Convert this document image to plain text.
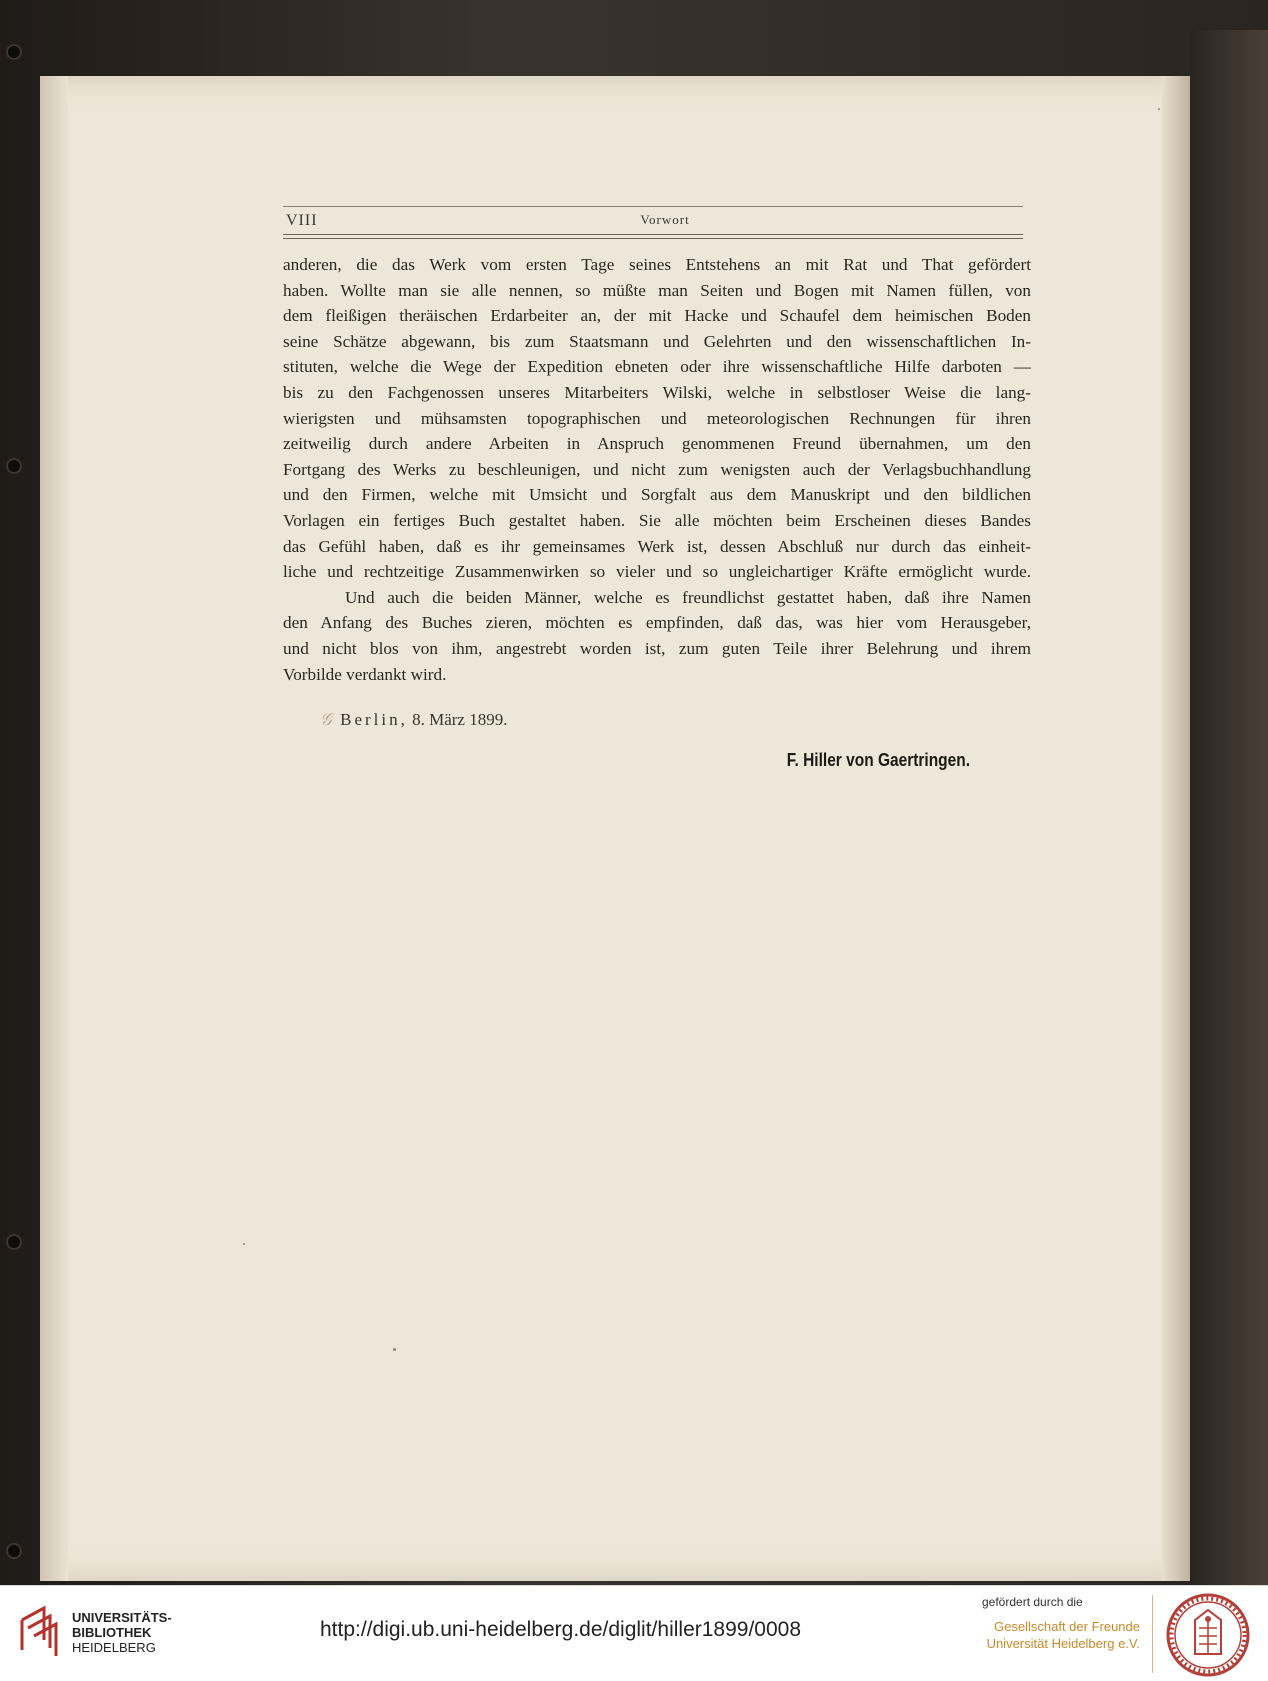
VIII	Vorwort
anderen, die das Werk vom ersten Tage seines Entstehens an mit Rat und That gefördert
haben. Wollte man sie alle nennen, so müßte man Seiten und Bogen mit Namen füllen, von
dem fleißigen theräischen Erdarbeiter an, der mit Hacke und Schaufel dem heimischen Boden
seine Schätze abgewann, bis zum Staatsmann und Gelehrten und den wissenschaftlichen In-
stituten, welche die Wege der Expedition ebneten oder ihre wissenschaftliche Hilfe darboten —
bis zu den Fachgenossen unseres Mitarbeiters Wilski, welche in selbstloser Weise die lang-
wierigsten und mühsamsten topographischen und meteorologischen Rechnungen für ihren
zeitweilig durch andere Arbeiten in Anspruch genommenen Freund übernahmen, um den
Fortgang des Werks zu beschleunigen, und nicht zum wenigsten auch der Verlagsbuchhandlung
und den Firmen, welche mit Umsicht und Sorgfalt aus dem Manuskript und den bildlichen
Vorlagen ein fertiges Buch gestaltet haben. Sie alle möchten beim Erscheinen dieses Bandes
das Gefühl haben, daß es ihr gemeinsames Werk ist, dessen Abschluß nur durch das einheit-
liche und rechtzeitige Zusammenwirken so vieler und so ungleichartiger Kräfte ermöglicht wurde.
Und auch die beiden Männer, welche es freundlichst gestattet haben, daß ihre Namen
den Anfang des Buches zieren, möchten es empfinden, daß das, was hier vom Herausgeber,
und nicht blos von ihm, angestrebt worden ist, zum guten Teile ihrer Belehrung und ihrem
Vorbilde verdankt wird.
𝒢 Berlin, 8. März 1899.
F. Hiller von Gaertringen.
UNIVERSITÄTS-
BIBLIOTHEK
HEIDELBERG
http://digi.ub.uni-heidelberg.de/diglit/hiller1899/0008
gefördert durch die
Gesellschaft der Freunde
Universität Heidelberg e.V.
